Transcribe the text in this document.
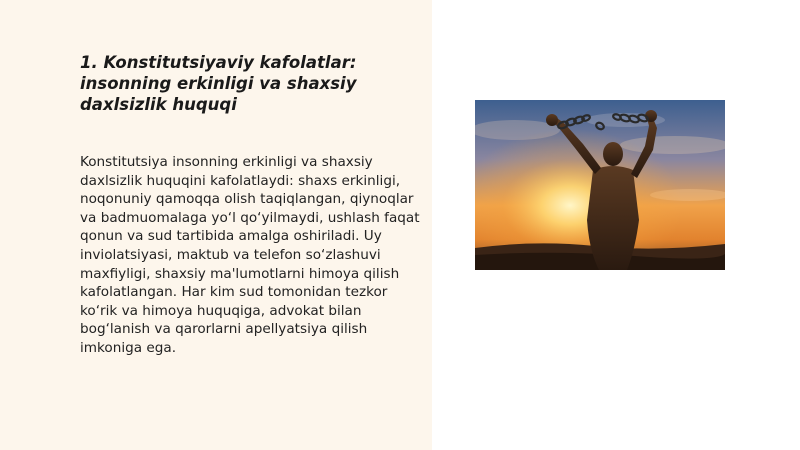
1. Konstitutsiyaviy kafolatlar: insonning erkinligi va shaxsiy daxlsizlik huquqi

Konstitutsiya insonning erkinligi va shaxsiy daxlsizlik huquqini kafolatlaydi: shaxs erkinligi, noqonuniy qamoqqa olish taqiqlangan, qiynoqlar va badmuomalaga yo‘l qo‘yilmaydi, ushlash faqat qonun va sud tartibida amalga oshiriladi. Uy inviolatsiyasi, maktub va telefon so‘zlashuvi maxfiyligi, shaxsiy ma'lumotlarni himoya qilish kafolatlangan. Har kim sud tomonidan tezkor ko‘rik va himoya huquqiga, advokat bilan bog‘lanish va qarorlarni apellyatsiya qilish imkoniga ega.
